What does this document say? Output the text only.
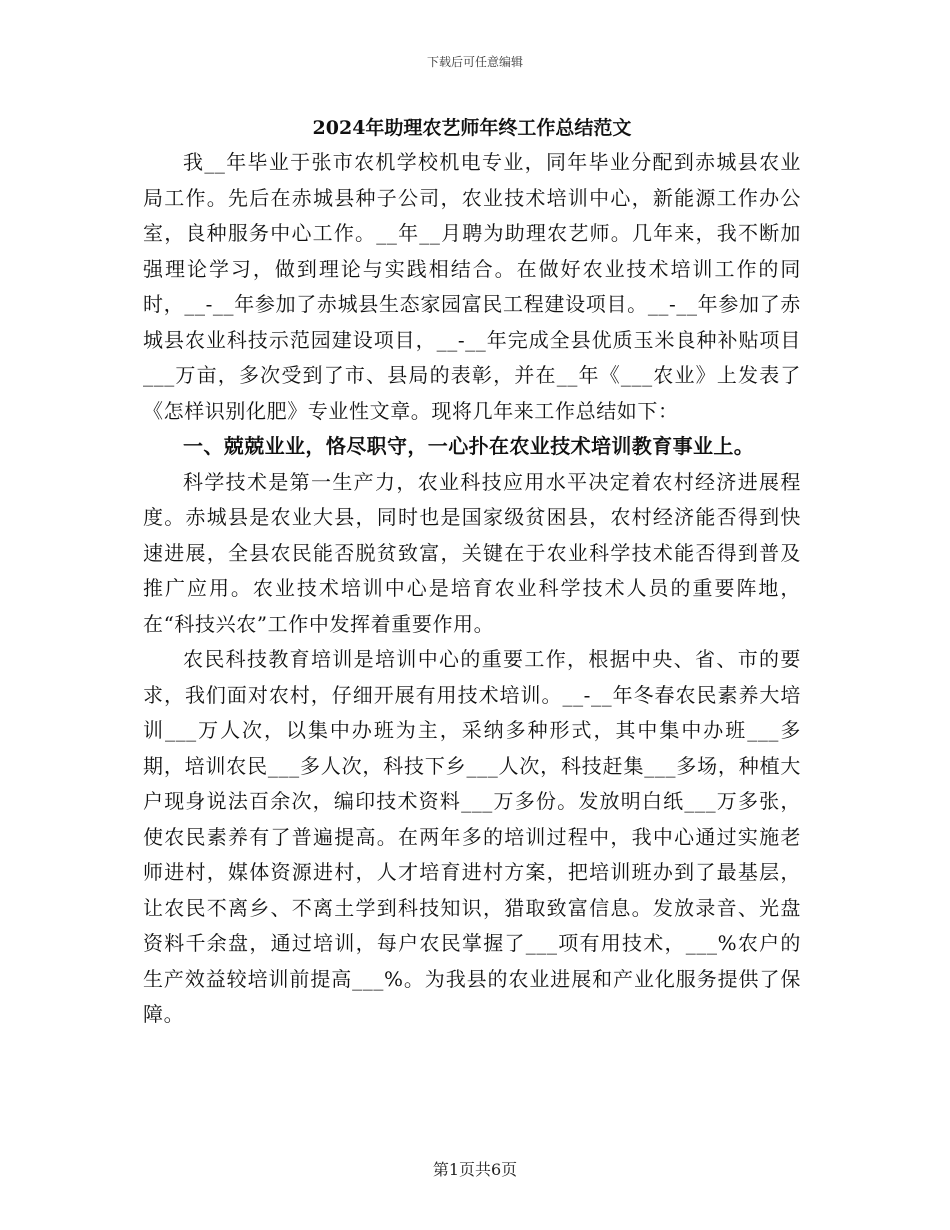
下载后可任意编辑
2024年助理农艺师年终工作总结范文

我__年毕业于张市农机学校机电专业，同年毕业分配到赤城县农业局工作。先后在赤城县种子公司，农业技术培训中心，新能源工作办公室，良种服务中心工作。__年__月聘为助理农艺师。几年来，我不断加强理论学习，做到理论与实践相结合。在做好农业技术培训工作的同时，__-__年参加了赤城县生态家园富民工程建设项目。__-__年参加了赤城县农业科技示范园建设项目，__-__年完成全县优质玉米良种补贴项目___万亩，多次受到了市、县局的表彰，并在__年《___农业》上发表了《怎样识别化肥》专业性文章。现将几年来工作总结如下：

一、兢兢业业，恪尽职守，一心扑在农业技术培训教育事业上。

科学技术是第一生产力，农业科技应用水平决定着农村经济进展程度。赤城县是农业大县，同时也是国家级贫困县，农村经济能否得到快速进展，全县农民能否脱贫致富，关键在于农业科学技术能否得到普及推广应用。农业技术培训中心是培育农业科学技术人员的重要阵地，在“科技兴农”工作中发挥着重要作用。

农民科技教育培训是培训中心的重要工作，根据中央、省、市的要求，我们面对农村，仔细开展有用技术培训。__-__年冬春农民素养大培训___万人次，以集中办班为主，采纳多种形式，其中集中办班___多期，培训农民___多人次，科技下乡___人次，科技赶集___多场，种植大户现身说法百余次，编印技术资料___万多份。发放明白纸___万多张，使农民素养有了普遍提高。在两年多的培训过程中，我中心通过实施老师进村，媒体资源进村，人才培育进村方案，把培训班办到了最基层，让农民不离乡、不离土学到科技知识，猎取致富信息。发放录音、光盘资料千余盘，通过培训，每户农民掌握了___项有用技术，___%农户的生产效益较培训前提高___%。为我县的农业进展和产业化服务提供了保障。

第1页共6页
